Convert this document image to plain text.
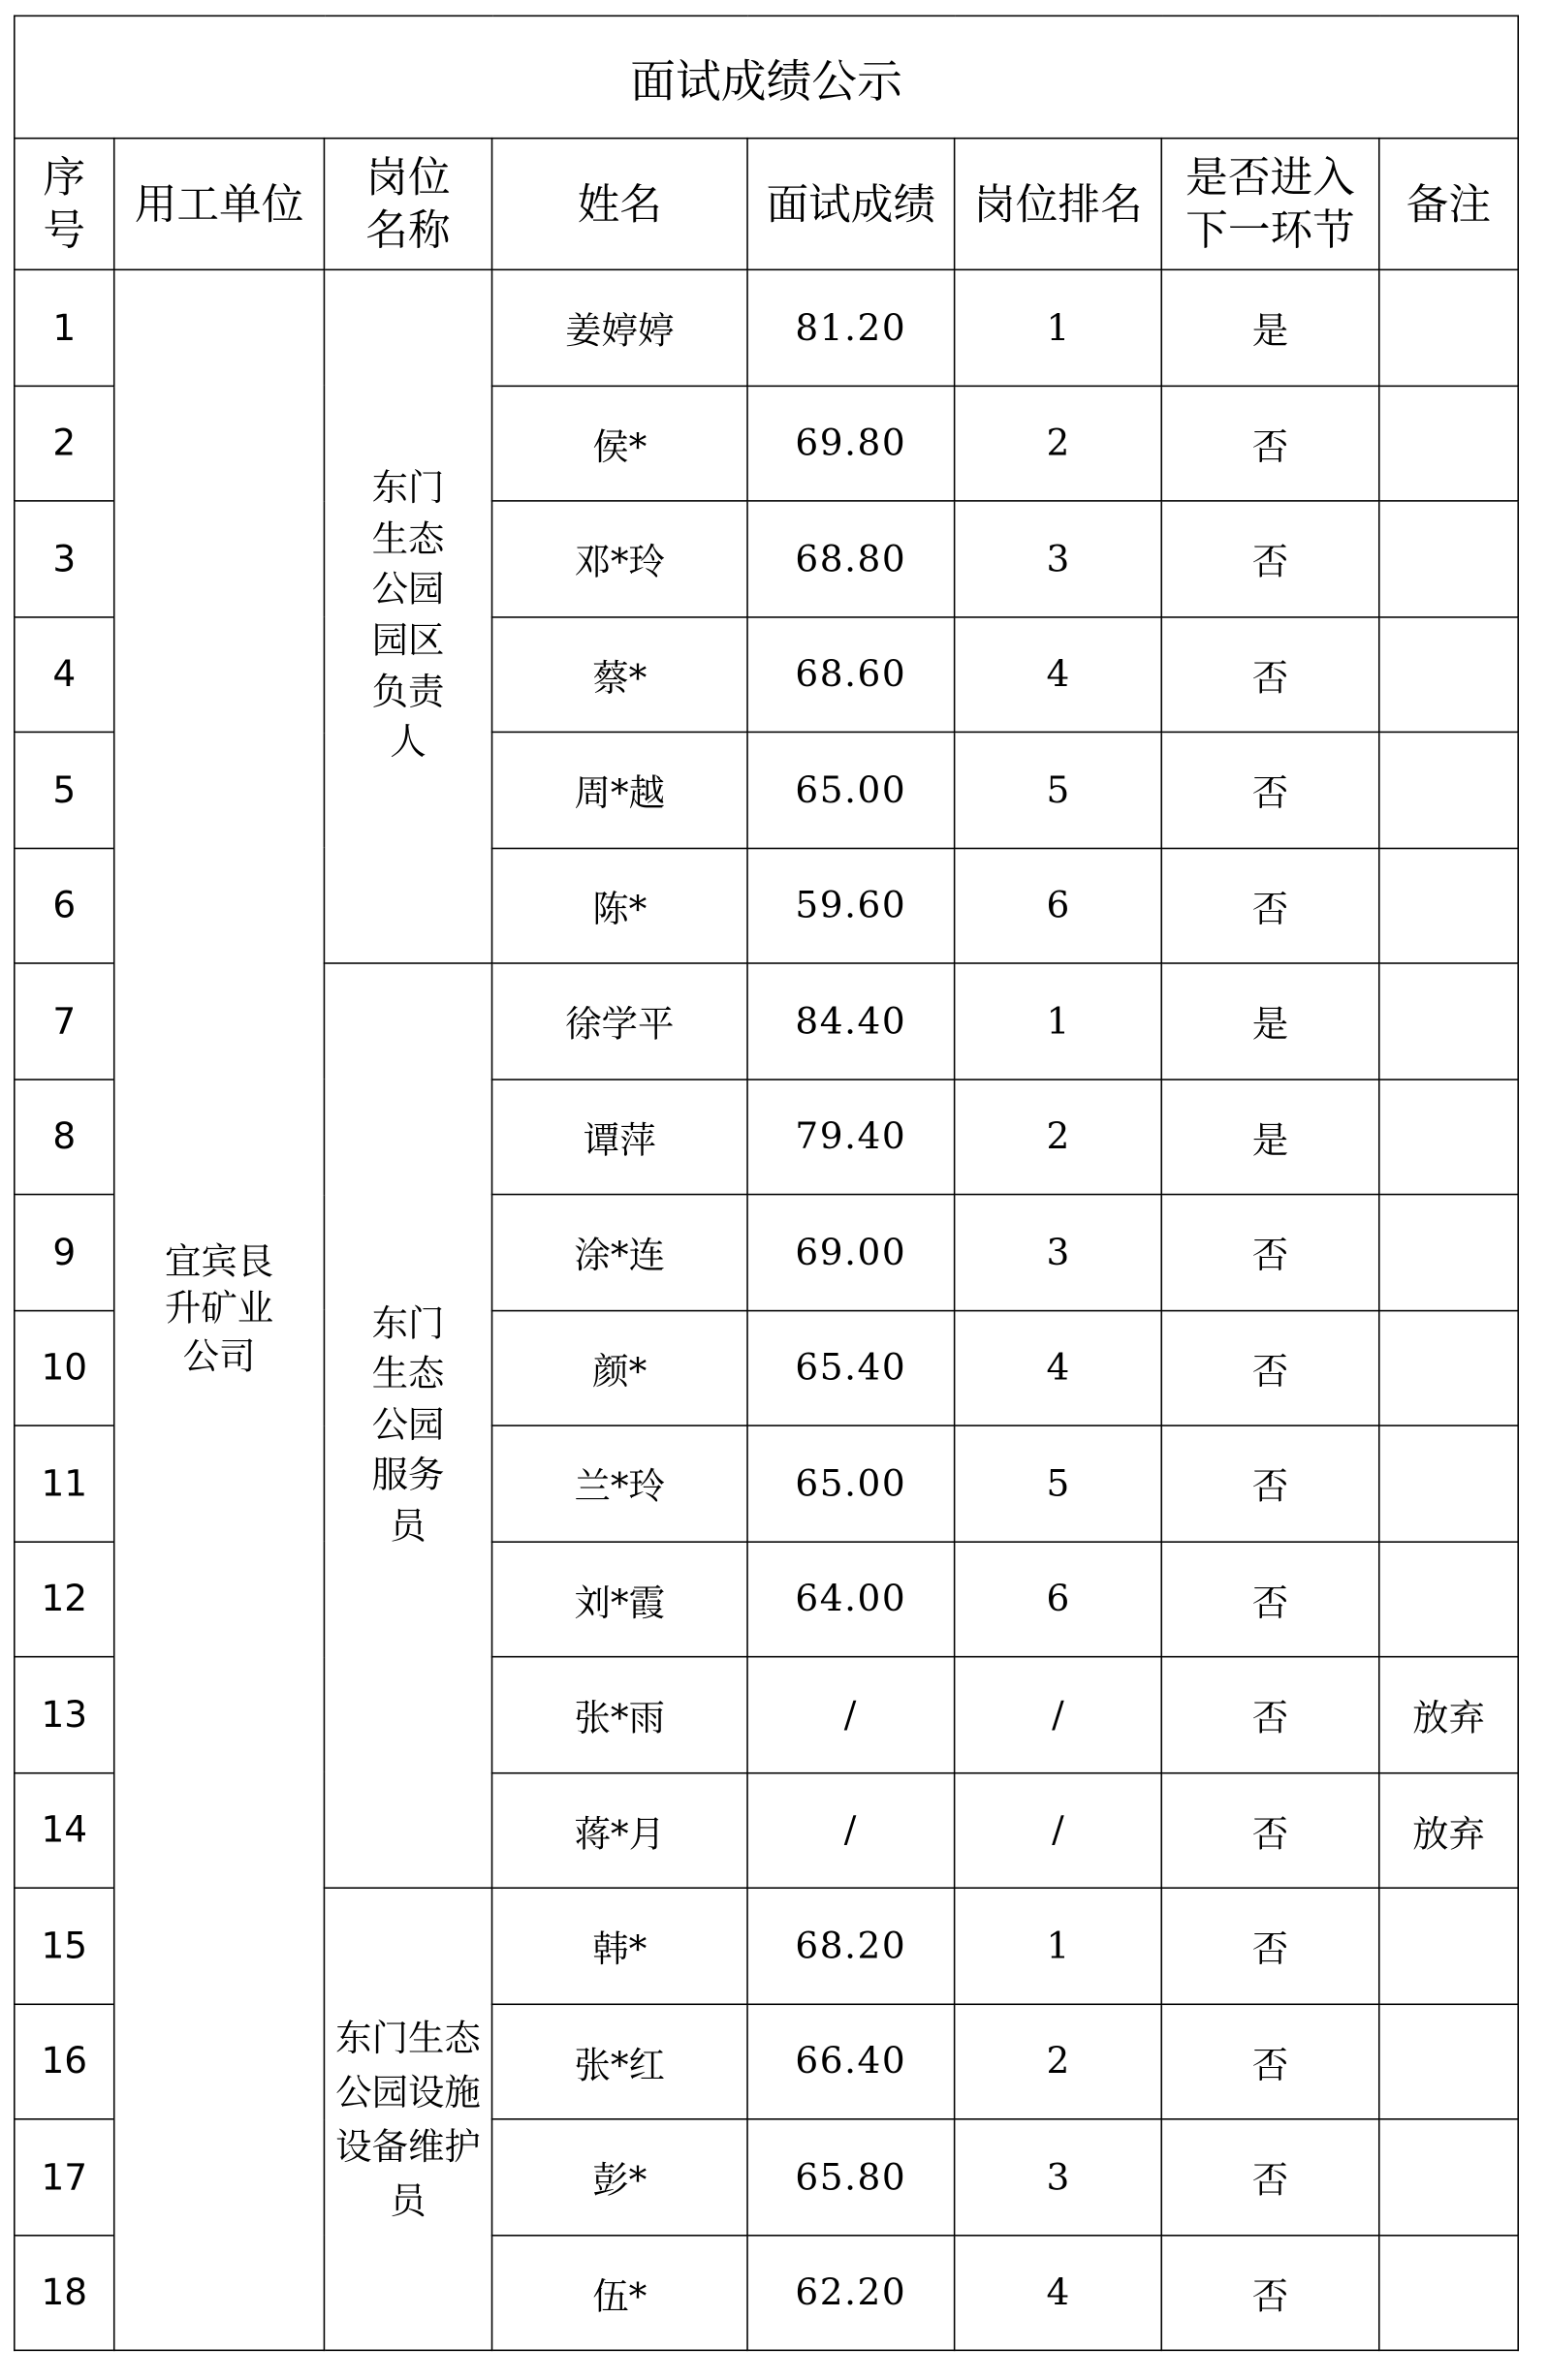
面试成绩公示							
序号	用工单位	岗位名称	姓名	面试成绩	岗位排名	是否进入下一环节	备注
1	宜宾艮升矿业公司	东门生态公园园区负责人	姜婷婷	81.20	1	是	
2			侯*	69.80	2	否	
3			邓*玲	68.80	3	否	
4			蔡*	68.60	4	否	
5			周*越	65.00	5	否	
6			陈*	59.60	6	否	
7		东门生态公园服务员	徐学平	84.40	1	是	
8			谭萍	79.40	2	是	
9			涂*连	69.00	3	否	
10			颜*	65.40	4	否	
11			兰*玲	65.00	5	否	
12			刘*霞	64.00	6	否	
13			张*雨	/	/	否	放弃
14			蒋*月	/	/	否	放弃
15		东门生态公园设施设备维护员	韩*	68.20	1	否	
16			张*红	66.40	2	否	
17			彭*	65.80	3	否	
18			伍*	62.20	4	否	
